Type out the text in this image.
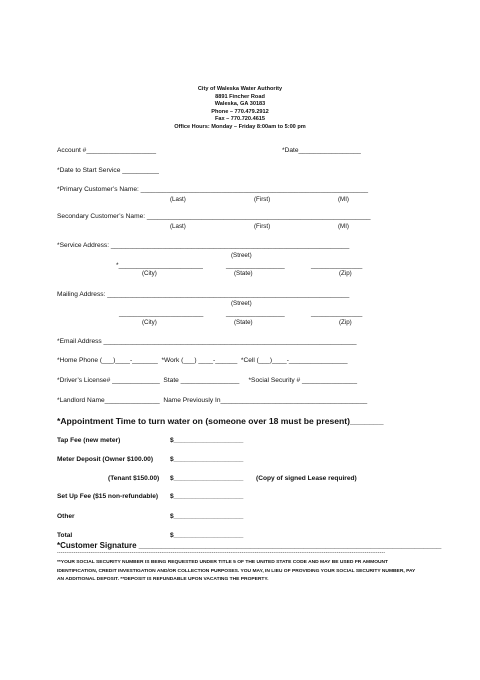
City of Waleska Water Authority
8891 Fincher Road
Waleska, GA 30183
Phone – 770.479.2912
Fax – 770.720.4615
Office Hours: Monday – Friday 8:00am to 5:00 pm
Account #___________________	*Date_________________
*Date to Start Service __________
*Primary Customer’s Name: ______________________________________________________________
(Last)	(First)	(MI)
Secondary Customer’s Name: _____________________________________________________________
(Last)	(First)	(MI)
*Service Address: _________________________________________________________________
(Street)
*_______________________	________________	______________
(City)	(State)	(Zip)
Mailing Address: __________________________________________________________________
(Street)
_______________________	________________	______________
(City)	(State)	(Zip)
*Email Address _____________________________________________________________________
*Home Phone (___)____-_______  *Work (___) ____-______  *Cell (___)____-________________
*Driver’s License# _____________  State ________________     *Social Security # _______________
*Landlord Name_______________  Name Previously In________________________________________
*Appointment Time to turn water on (someone over 18 must be present)_______
Tap Fee (new meter)	$___________________
Meter Deposit (Owner $100.00)	$___________________
(Tenant $150.00) $___________________ (Copy of signed Lease required)
Set Up Fee ($15 non-refundable) $___________________
Other	$___________________
Total	$___________________
*Customer Signature ____________________________________________________________________
--------------------------------------------------------------------------------------------------------------------------------------------------------------------------------
**YOUR SOCIAL SECURITY NUMBER IS BEING REQUESTED UNDER TITLE 5 OF THE UNITED STATE CODE AND MAY BE USED FR AMMOUNT IDENTIFICATION, CREDIT INVESTIGATION AND/OR COLLECTION PURPOSES. YOU MAY, IN LIEU OF PROVIDING YOUR SOCIAL SECURITY NUMBER, PAY AN ADDITIONAL DEPOSIT. **DEPOSIT IS REFUNDABLE UPON VACATING THE PROPERTY.
